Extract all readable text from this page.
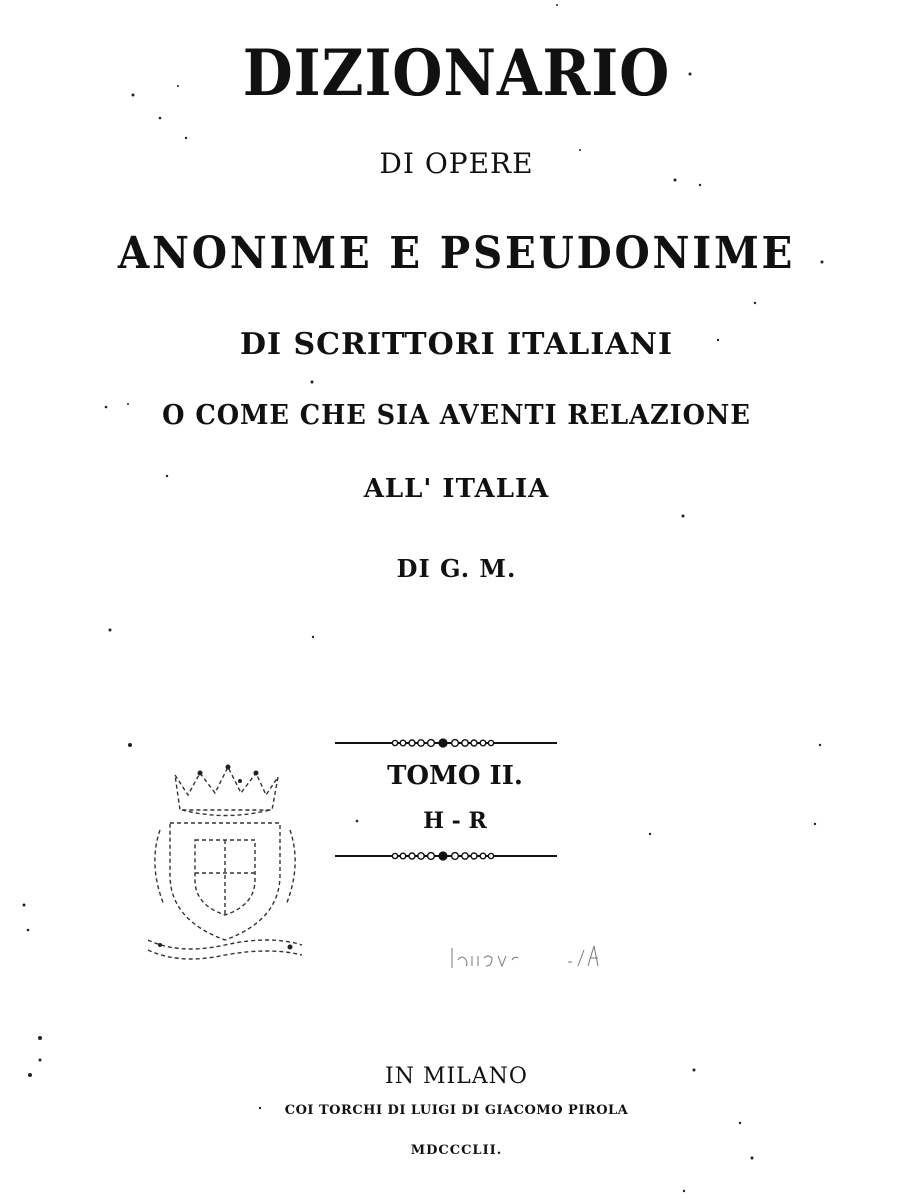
DIZIONARIO
DI OPERE
ANONIME E PSEUDONIME
DI SCRITTORI ITALIANI
O COME CHE SIA AVENTI RELAZIONE
ALL' ITALIA
DI G. M.
TOMO II.
H - R
IN MILANO
COI TORCHI DI LUIGI DI GIACOMO PIROLA
MDCCCLII.
